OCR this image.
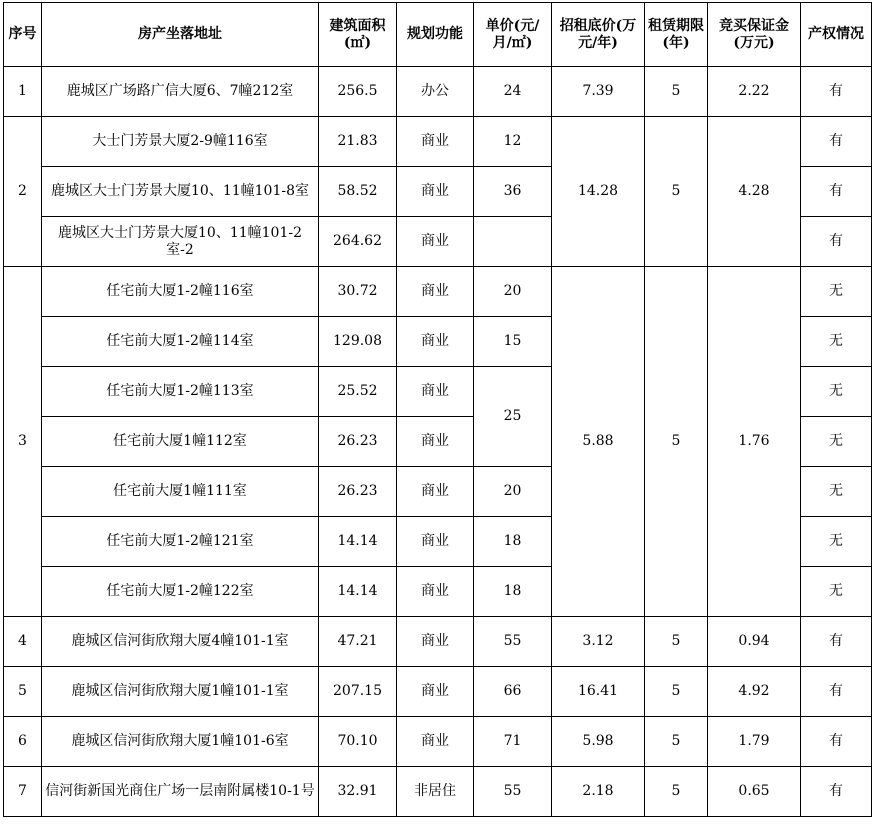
序号	房产坐落地址	建筑面积(㎡)	规划功能	单价(元/月/㎡)	招租底价(万元/年)	租赁期限(年)	竞买保证金(万元)	产权情况
1	鹿城区广场路广信大厦6、7幢212室	256.5	办公	24	7.39	5	2.22	有
2	大士门芳景大厦2-9幢116室	21.83	商业	12	14.28	5	4.28	有
	鹿城区大士门芳景大厦10、11幢101-8室	58.52	商业	36				有
	鹿城区大士门芳景大厦10、11幢101-2室-2	264.62	商业					有
3	任宅前大厦1-2幢116室	30.72	商业	20	5.88	5	1.76	无
	任宅前大厦1-2幢114室	129.08	商业	15				无
	任宅前大厦1-2幢113室	25.52	商业	25				无
	任宅前大厦1幢112室	26.23	商业					无
	任宅前大厦1幢111室	26.23	商业	20				无
	任宅前大厦1-2幢121室	14.14	商业	18				无
	任宅前大厦1-2幢122室	14.14	商业	18				无
4	鹿城区信河街欣翔大厦4幢101-1室	47.21	商业	55	3.12	5	0.94	有
5	鹿城区信河街欣翔大厦1幢101-1室	207.15	商业	66	16.41	5	4.92	有
6	鹿城区信河街欣翔大厦1幢101-6室	70.10	商业	71	5.98	5	1.79	有
7	信河街新国光商住广场一层南附属楼10-1号	32.91	非居住	55	2.18	5	0.65	有
